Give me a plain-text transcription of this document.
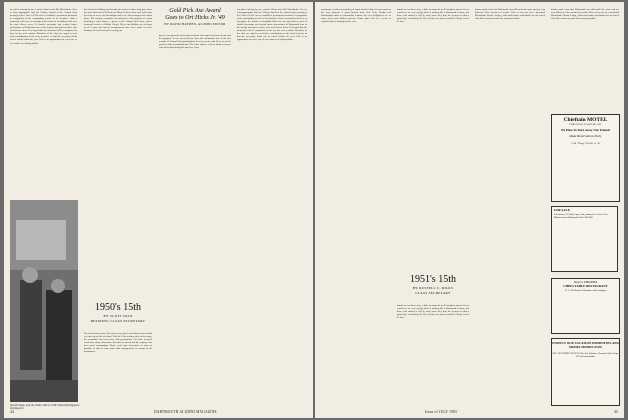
ten miles cruising by car, a stone's throw from Mt. Moosilauke. So it is what appropriate that the College should at the Annual class meeting in the Class of 1950 vote to establish a permanent memorial in recognition of the outstanding service of its members. Such a memorial will serve to strengthen the bonds of friendship built over the past fifteen years. It should encourage and remind future generations of Dartmouth men of the loyalty and spirit of those who went before them. It is hoped that the memorial will be completed in time for the next reunion. Members of the class are urged to send their contributions to the class treasurer so that the necessary funds can be raised within the year. This is an opportunity for every one of us to share in a lasting tribute.
Quentin Kopp, atop the trailer, talks to 1949's famed Westinghouse investigators.
the old men's building and brought the stories of times long past, when the class first arrived in Hanover. Many of these same men will return this June to renew old friendships and to see what changes have taken place. The reunion committee has planned a full program of events including a class dinner, a picnic at the Outing Club house, and a memorial service in Rollins Chapel. Wives and children are welcome at all events and special arrangements have been made for their housing. We look forward to seeing you.
1950's 15th
BY SCOTT OLIN
RETIRING CLASS SECRETARY
It's our last news letter, I'm sorry to say, but it won't hurt if you wanted to come up for the weekend. With the 15th reunion only weeks away, the committee has been busy with preparations. We have received word from many classmates who plan to attend and the response has been most encouraging. Please send your reservation as soon as possible so that we may make final arrangements for rooms in the dormitories.
Gold Pick Axe Award
Goes to Ort Hicks Jr. '49
BY DAVID HAYDEN, ALUMNI EDITOR
day, he was given the final reports and the class agreed to move ahead with the program. It was noted that the class has maintained one of the best records of Alumni Fund participation in recent years, and all of us can be proud of that accomplishment. The class officers wish to thank everyone who has helped during the past five years.
ten miles cruising by car, a stone's throw from Mt. Moosilauke. So it is what appropriate that the College should at the Annual class meeting in the Class of 1950 vote to establish a permanent memorial in recognition of the outstanding service of its members. Such a memorial will serve to strengthen the bonds of friendship built over the past fifteen years. It should encourage and remind future generations of Dartmouth men of the loyalty and spirit of those who went before them. It is hoped that the memorial will be completed in time for the next reunion. Members of the class are urged to send their contributions to the class treasurer so that the necessary funds can be raised within the year. This is an opportunity for every one of us to share in a lasting tribute.
44	DARTMOUTH ALUMNI MAGAZINE
customary excellent accounting of funds and the bulk of it was spent on the class projects. A good turnout from New York, Boston and Philadelphia made it a memorable reunion. We were delighted to see so many wives and children present. Future plans call for a series of regional dinners throughout the year.
family are out there were, a little to many list well enough to attend. Ah for reunion as we were saying, there is nothing like a Dartmouth reunion, and those who missed it will be sorry when they hear the reports of what a grand time was had by all. The weather was perfect and the College was at its best.
1951's 15th
BY RUSSELL C. DILKS
CLASS SECRETARY
family are out there were, a little to many list well enough to attend. Ah for reunion as we were saying, there is nothing like a Dartmouth reunion, and those who missed it will be sorry when they hear the reports of what a grand time was had by all. The weather was perfect and the College was at its best.
history made clear that Dartmouth was still much the same and yet very different. Like stream fed results. Then it was one for a memorial Moosilauke Ravine Lodge, with much praise and thanks for our friend who did so much to make the reunion possible.
history made clear that Dartmouth was still much the same and yet very different. Like stream fed results. Then it was one for a memorial Moosilauke Ravine Lodge, with much praise and thanks for our friend who did so much to make the reunion possible.
Chieftain MOTEL
LYME ROAD, HANOVER, N.H.
We Hate To Turn Away Our Friends
Make Reservations Early
E. M. "Doug" EVANS, Jr. '50
FOR SALE
9-bedroom, 3½ bath, Cape Cod, situated on 5 acres. Five Minutes from Dartmouth. Price $50,000.
Stop in VIRGINIA
CHEFS TABLE RESTAURANT
U. S. 220 Between Roanoke and Lexington
INSPECT OUR VACATION HOMESITES AND MODEL HOMES NOW
MT. ASCUTNEY REALTY, Box 44, Windsor, Vermont. Write Dept. DA for information
Issue of JULY 1965	45
